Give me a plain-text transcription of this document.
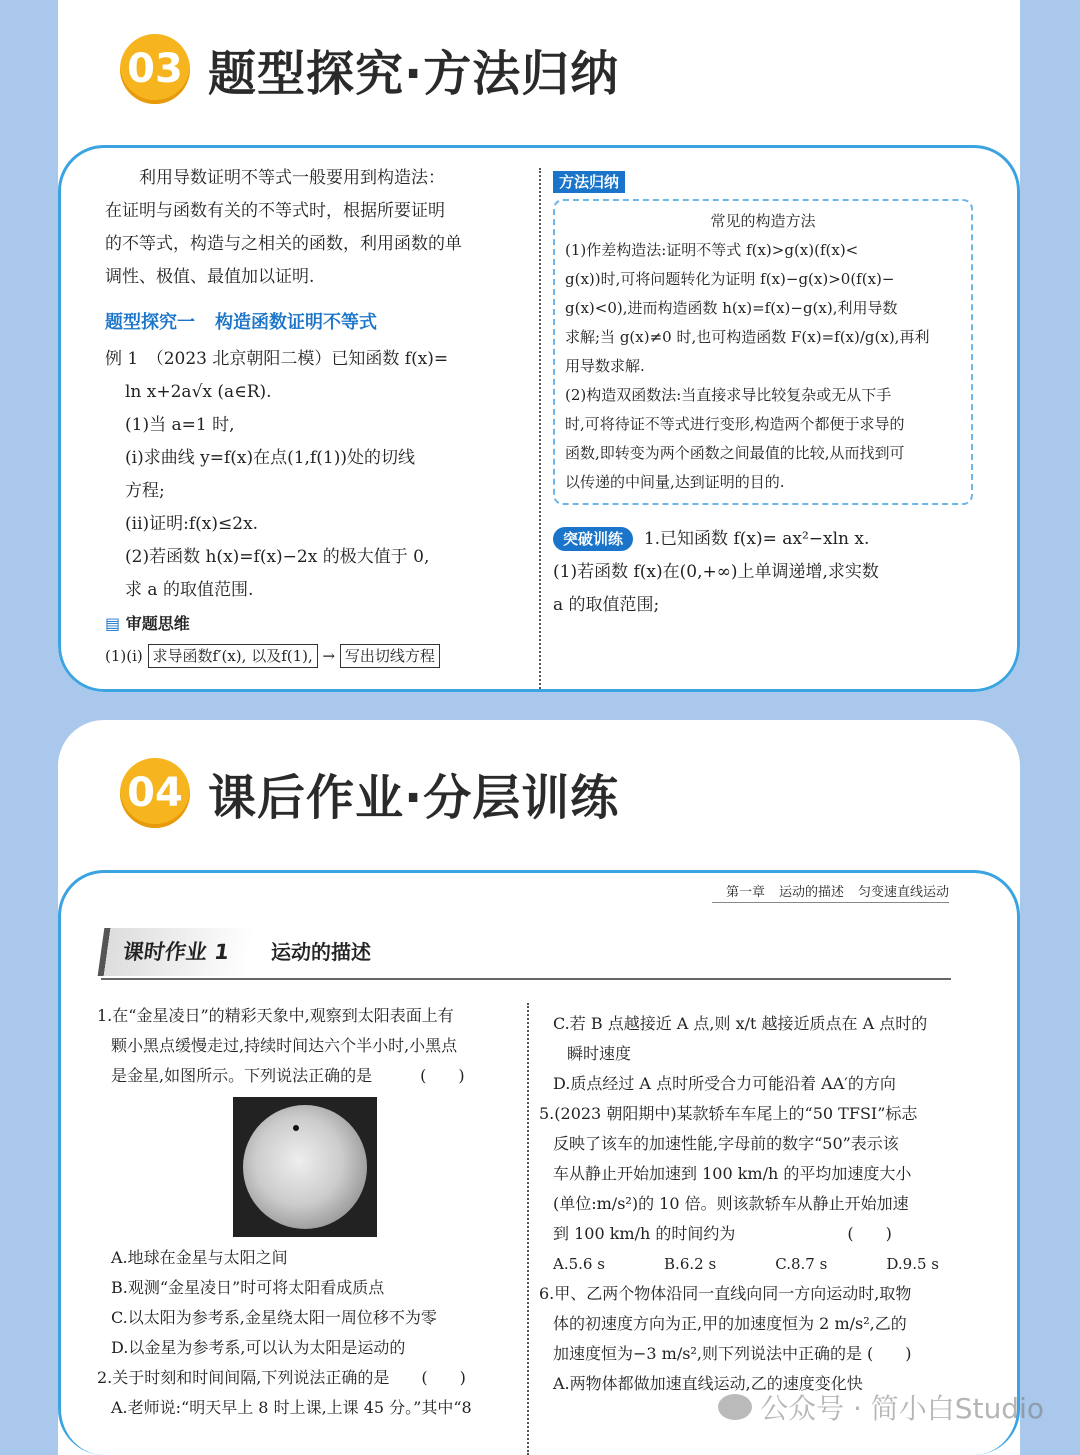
03 题型探究·方法归纳

利用导数证明不等式一般要用到构造法：

在证明与函数有关的不等式时，根据所要证明

的不等式，构造与之相关的函数，利用函数的单

调性、极值、最值加以证明.

题型探究一 构造函数证明不等式

例 1　（2023 北京朝阳二模）已知函数 f(x)=

ln x+2a√x (a∈R).

(1)当 a=1 时,

(i)求曲线 y=f(x)在点(1,f(1))处的切线

方程;

(ii)证明:f(x)≤2x.

(2)若函数 h(x)=f(x)−2x 的极大值于 0,

求 a 的取值范围.

▤ 审题思维
(1)(i) 求导函数f′(x), 以及f(1), → 写出切线方程
方法归纳
常见的构造方法
(1)作差构造法:证明不等式 f(x)>g(x)(f(x)<
g(x))时,可将问题转化为证明 f(x)−g(x)>0(f(x)−
g(x)<0),进而构造函数 h(x)=f(x)−g(x),利用导数
求解;当 g(x)≠0 时,也可构造函数 F(x)=f(x)/g(x),再利
用导数求解.
(2)构造双函数法:当直接求导比较复杂或无从下手
时,可将待证不等式进行变形,构造两个都便于求导的
函数,即转变为两个函数之间最值的比较,从而找到可
以传递的中间量,达到证明的目的.
突破训练 1.已知函数 f(x)= ax²−xln x.

(1)若函数 f(x)在(0,+∞)上单调递增,求实数

a 的取值范围;

04 课后作业·分层训练
第一章 运动的描述 匀变速直线运动
课时作业 1	运动的描述

1.在“金星凌日”的精彩天象中,观察到太阳表面上有

颗小黑点缓慢走过,持续时间达六个半小时,小黑点

是金星,如图所示。下列说法正确的是　　　(　　)

A.地球在金星与太阳之间

B.观测“金星凌日”时可将太阳看成质点

C.以太阳为参考系,金星绕太阳一周位移不为零

D.以金星为参考系,可以认为太阳是运动的

2.关于时刻和时间间隔,下列说法正确的是　　(　　)

A.老师说:“明天早上 8 时上课,上课 45 分。”其中“8

C.若 B 点越接近 A 点,则 x/t 越接近质点在 A 点时的

瞬时速度

D.质点经过 A 点时所受合力可能沿着 AA′的方向

5.(2023 朝阳期中)某款轿车车尾上的“50 TFSI”标志

反映了该车的加速性能,字母前的数字“50”表示该

车从静止开始加速到 100 km/h 的平均加速度大小

(单位:m/s²)的 10 倍。则该款轿车从静止开始加速

到 100 km/h 的时间约为　　　　　　　(　　)

A.5.6 s	B.6.2 s	C.8.7 s	D.9.5 s

6.甲、乙两个物体沿同一直线向同一方向运动时,取物

体的初速度方向为正,甲的加速度恒为 2 m/s²,乙的

加速度恒为−3 m/s²,则下列说法中正确的是 (　　)

A.两物体都做加速直线运动,乙的速度变化快

公众号 · 简小白Studio
